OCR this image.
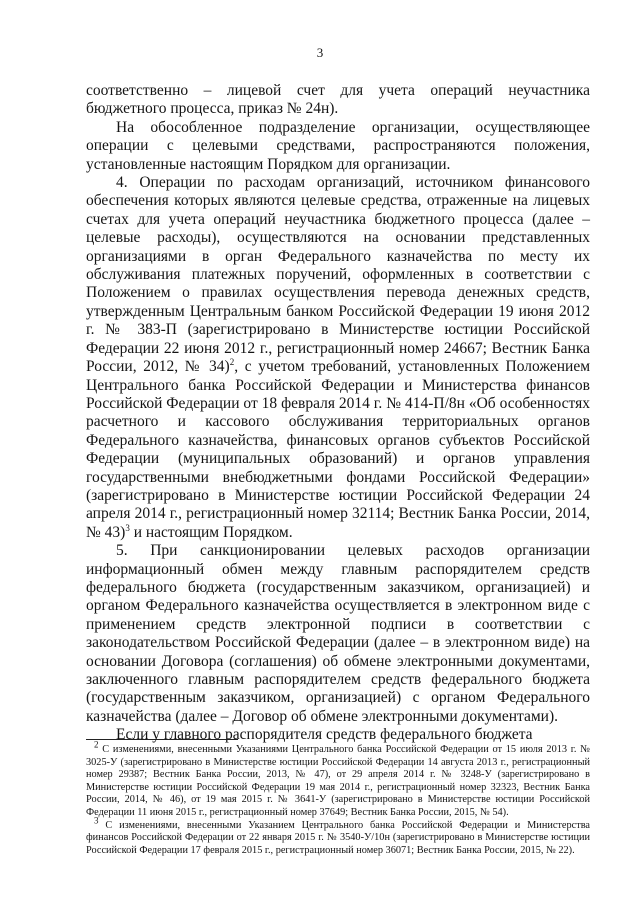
3

соответственно – лицевой счет для учета операций неучастника бюджетного процесса, приказ № 24н).

На обособленное подразделение организации, осуществляющее операции с целевыми средствами, распространяются положения, установленные настоящим Порядком для организации.

4. Операции по расходам организаций, источником финансового обеспечения которых являются целевые средства, отраженные на лицевых счетах для учета операций неучастника бюджетного процесса (далее – целевые расходы), осуществляются на основании представленных организациями в орган Федерального казначейства по месту их обслуживания платежных поручений, оформленных в соответствии с Положением о правилах осуществления перевода денежных средств, утвержденным Центральным банком Российской Федерации 19 июня 2012 г. № 383-П (зарегистрировано в Министерстве юстиции Российской Федерации 22 июня 2012 г., регистрационный номер 24667; Вестник Банка России, 2012, № 34)$^2$, с учетом требований, установленных Положением Центрального банка Российской Федерации и Министерства финансов Российской Федерации от 18 февраля 2014 г. № 414-П/8н «Об особенностях расчетного и кассового обслуживания территориальных органов Федерального казначейства, финансовых органов субъектов Российской Федерации (муниципальных образований) и органов управления государственными внебюджетными фондами Российской Федерации» (зарегистрировано в Министерстве юстиции Российской Федерации 24 апреля 2014 г., регистрационный номер 32114; Вестник Банка России, 2014, № 43)$^3$ и настоящим Порядком.

5. При санкционировании целевых расходов организации информационный обмен между главным распорядителем средств федерального бюджета (государственным заказчиком, организацией) и органом Федерального казначейства осуществляется в электронном виде с применением средств электронной подписи в соответствии с законодательством Российской Федерации (далее – в электронном виде) на основании Договора (соглашения) об обмене электронными документами, заключенного главным распорядителем средств федерального бюджета (государственным заказчиком, организацией) с органом Федерального казначейства (далее – Договор об обмене электронными документами).

Если у главного распорядителя средств федерального бюджета

$^2$ С изменениями, внесенными Указаниями Центрального банка Российской Федерации от 15 июля 2013 г. № 3025-У (зарегистрировано в Министерстве юстиции Российской Федерации 14 августа 2013 г., регистрационный номер 29387; Вестник Банка России, 2013, № 47), от 29 апреля 2014 г. № 3248-У (зарегистрировано в Министерстве юстиции Российской Федерации 19 мая 2014 г., регистрационный номер 32323, Вестник Банка России, 2014, № 46), от 19 мая 2015 г. № 3641-У (зарегистрировано в Министерстве юстиции Российской Федерации 11 июня 2015 г., регистрационный номер 37649; Вестник Банка России, 2015, № 54).

$^3$ С изменениями, внесенными Указанием Центрального банка Российской Федерации и Министерства финансов Российской Федерации от 22 января 2015 г. № 3540-У/10н (зарегистрировано в Министерстве юстиции Российской Федерации 17 февраля 2015 г., регистрационный номер 36071; Вестник Банка России, 2015, № 22).
